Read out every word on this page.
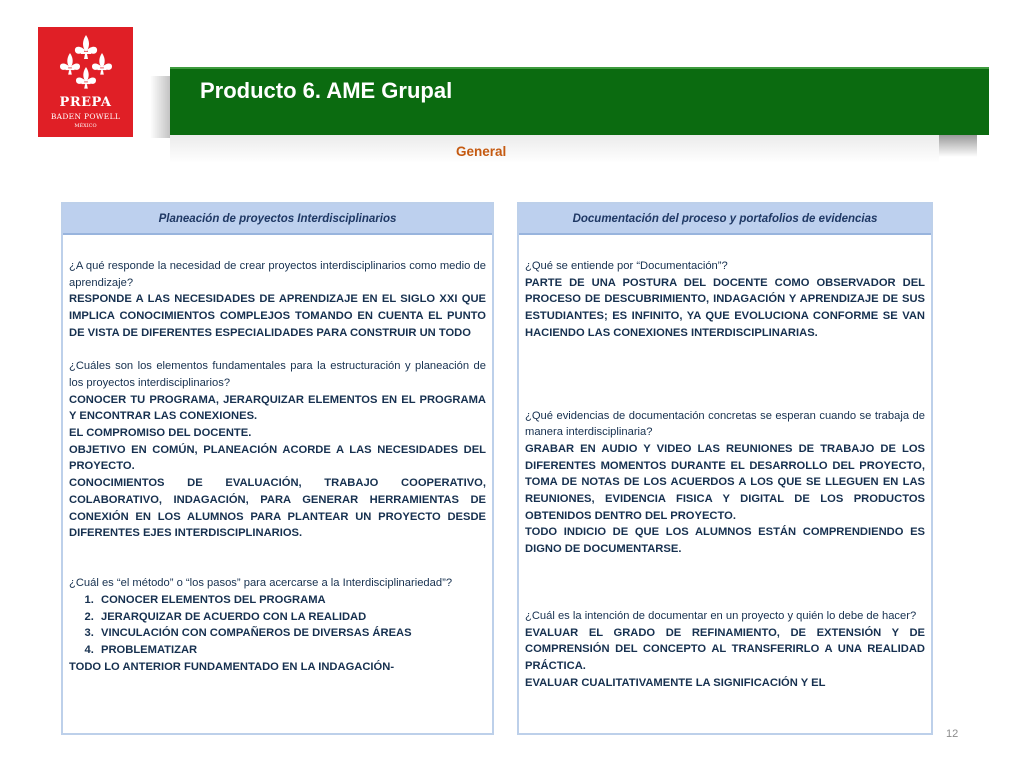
PREPA
BADEN POWELL
MÉXICO
Producto 6. AME Grupal
General
Planeación de proyectos Interdisciplinarios

¿A qué responde la necesidad de crear proyectos interdisciplinarios como medio de aprendizaje?

RESPONDE A LAS NECESIDADES DE APRENDIZAJE EN EL SIGLO XXI QUE IMPLICA CONOCIMIENTOS COMPLEJOS TOMANDO EN CUENTA EL PUNTO DE VISTA DE DIFERENTES ESPECIALIDADES PARA CONSTRUIR UN TODO

¿Cuáles son los elementos fundamentales para la estructuración y planeación de los proyectos interdisciplinarios?

CONOCER TU PROGRAMA, JERARQUIZAR ELEMENTOS EN EL PROGRAMA Y ENCONTRAR LAS CONEXIONES.

EL COMPROMISO DEL DOCENTE.

OBJETIVO EN COMÚN, PLANEACIÓN ACORDE A LAS NECESIDADES DEL PROYECTO.

CONOCIMIENTOS DE EVALUACIÓN, TRABAJO COOPERATIVO, COLABORATIVO, INDAGACIÓN, PARA GENERAR HERRAMIENTAS DE CONEXIÓN EN LOS ALUMNOS PARA PLANTEAR UN PROYECTO DESDE DIFERENTES EJES INTERDISCIPLINARIOS.

¿Cuál es “el método” o “los pasos” para acercarse a la Interdisciplinariedad”?

1. CONOCER ELEMENTOS DEL PROGRAMA
2. JERARQUIZAR DE ACUERDO CON LA REALIDAD
3. VINCULACIÓN CON COMPAÑEROS DE DIVERSAS ÁREAS
4. PROBLEMATIZAR

TODO LO ANTERIOR FUNDAMENTADO EN LA INDAGACIÓN-

Documentación del proceso y portafolios de evidencias

¿Qué se entiende por “Documentación”?

PARTE DE UNA POSTURA DEL DOCENTE COMO OBSERVADOR DEL PROCESO DE DESCUBRIMIENTO, INDAGACIÓN Y APRENDIZAJE DE SUS ESTUDIANTES; ES INFINITO, YA QUE EVOLUCIONA CONFORME SE VAN HACIENDO LAS CONEXIONES INTERDISCIPLINARIAS.

¿Qué evidencias de documentación concretas se esperan cuando se trabaja de manera interdisciplinaria?

GRABAR EN AUDIO Y VIDEO LAS REUNIONES DE TRABAJO DE LOS DIFERENTES MOMENTOS DURANTE EL DESARROLLO DEL PROYECTO, TOMA DE NOTAS DE LOS ACUERDOS A LOS QUE SE LLEGUEN EN LAS REUNIONES, EVIDENCIA FISICA Y DIGITAL DE LOS PRODUCTOS OBTENIDOS DENTRO DEL PROYECTO.

TODO INDICIO DE QUE LOS ALUMNOS ESTÁN COMPRENDIENDO ES DIGNO DE DOCUMENTARSE.

¿Cuál es la intención de documentar en un proyecto y quién lo debe de hacer?

EVALUAR EL GRADO DE REFINAMIENTO, DE EXTENSIÓN Y DE COMPRENSIÓN DEL CONCEPTO AL TRANSFERIRLO A UNA REALIDAD PRÁCTICA.

EVALUAR CUALITATIVAMENTE LA SIGNIFICACIÓN Y EL

12
